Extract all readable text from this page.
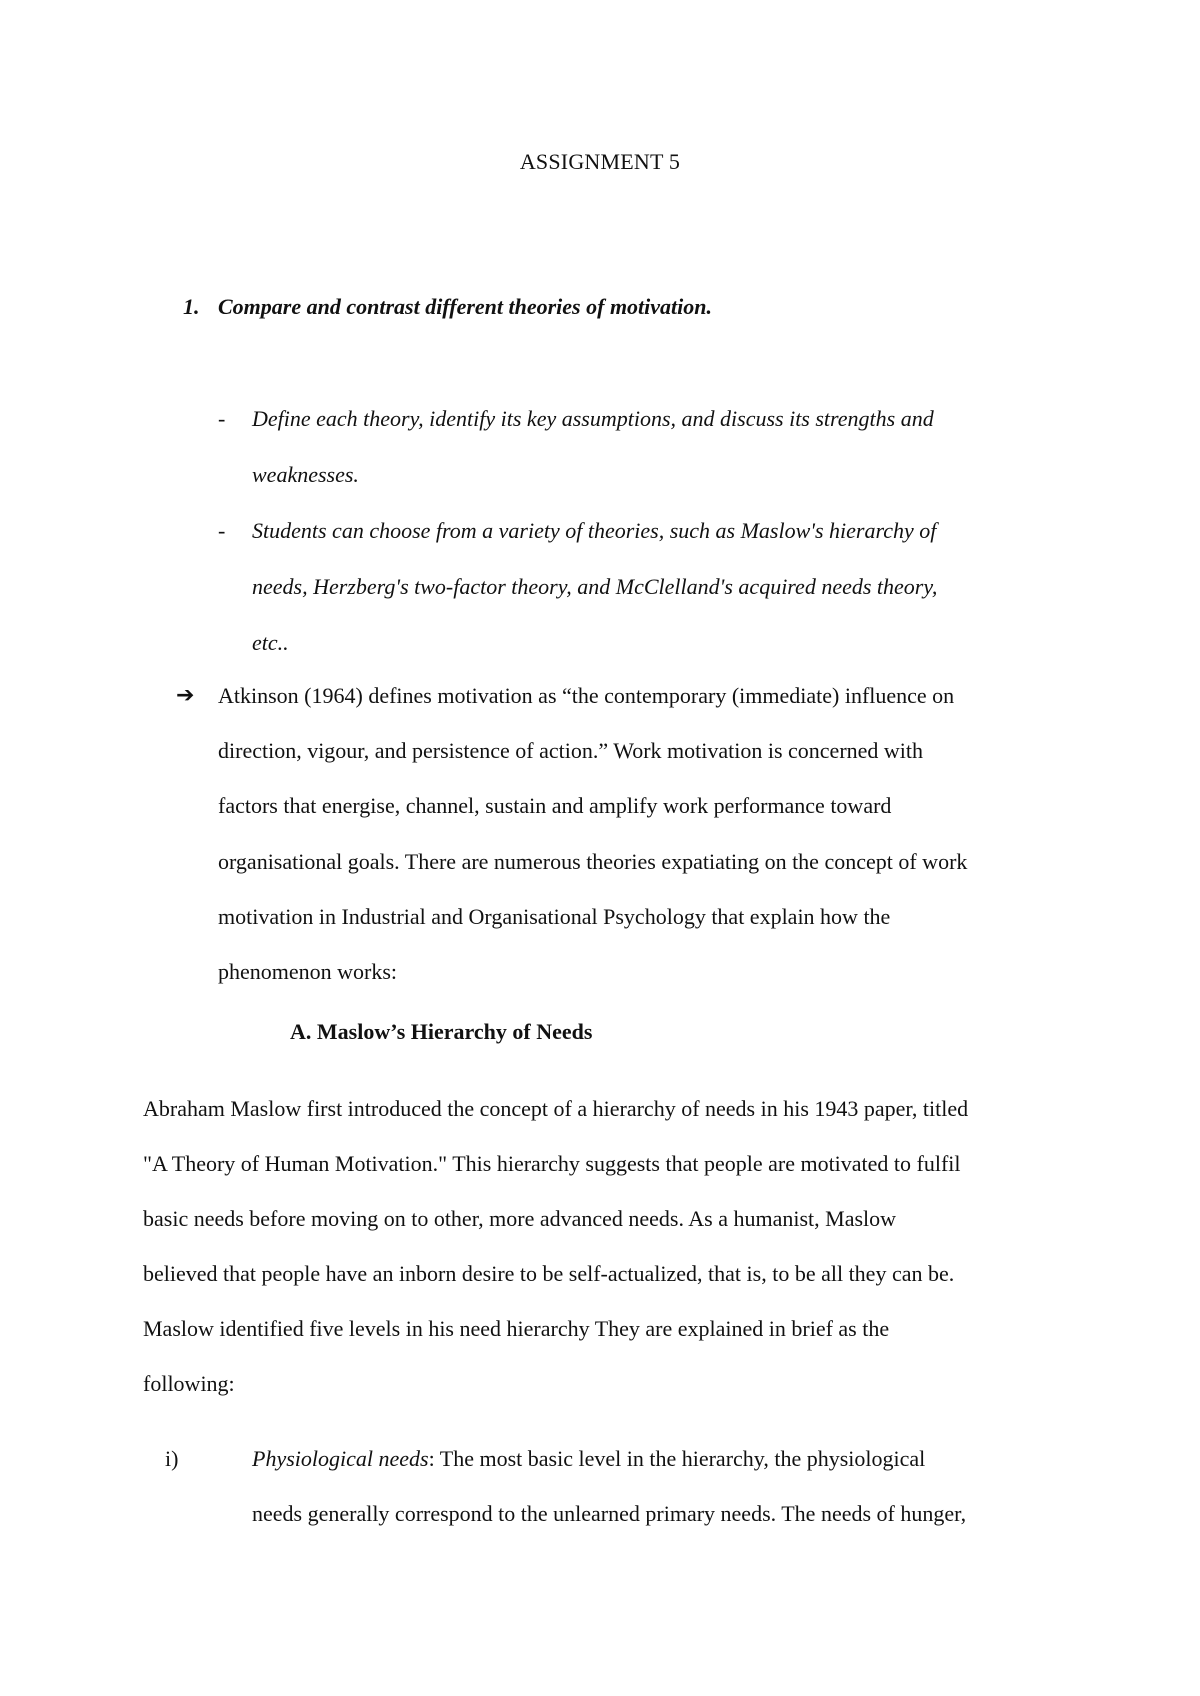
ASSIGNMENT 5
1. Compare and contrast different theories of motivation.
- Define each theory, identify its key assumptions, and discuss its strengths and
weaknesses.
- Students can choose from a variety of theories, such as Maslow's hierarchy of
needs, Herzberg's two-factor theory, and McClelland's acquired needs theory,
etc..
➔ Atkinson (1964) defines motivation as “the contemporary (immediate) influence on
direction, vigour, and persistence of action.” Work motivation is concerned with
factors that energise, channel, sustain and amplify work performance toward
organisational goals. There are numerous theories expatiating on the concept of work
motivation in Industrial and Organisational Psychology that explain how the
phenomenon works:
A. Maslow’s Hierarchy of Needs
Abraham Maslow first introduced the concept of a hierarchy of needs in his 1943 paper, titled
"A Theory of Human Motivation." This hierarchy suggests that people are motivated to fulfil
basic needs before moving on to other, more advanced needs. As a humanist, Maslow
believed that people have an inborn desire to be self-actualized, that is, to be all they can be.
Maslow identified five levels in his need hierarchy They are explained in brief as the
following:
i)	Physiological needs: The most basic level in the hierarchy, the physiological
needs generally correspond to the unlearned primary needs. The needs of hunger,
